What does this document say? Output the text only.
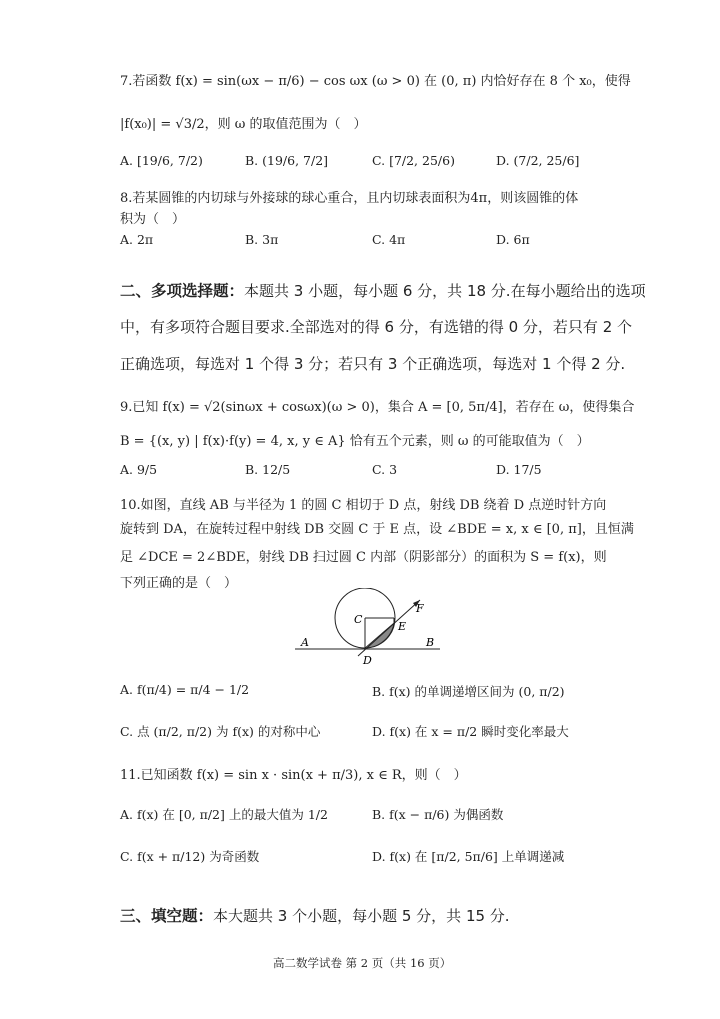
7.若函数 f(x) = sin(ωx − π/6) − cos ωx (ω > 0) 在 (0, π) 内恰好存在 8 个 x₀，使得
|f(x₀)| = √3/2，则 ω 的取值范围为（　）
A. [19/6, 7/2)	B. (19/6, 7/2]	C. [7/2, 25/6)	D. (7/2, 25/6]
8.若某圆锥的内切球与外接球的球心重合，且内切球表面积为4π，则该圆锥的体
积为（　）
A. 2π	B. 3π	C. 4π	D. 6π
二、多项选择题：本题共 3 小题，每小题 6 分，共 18 分.在每小题给出的选项
中，有多项符合题目要求.全部选对的得 6 分，有选错的得 0 分，若只有 2 个
正确选项，每选对 1 个得 3 分；若只有 3 个正确选项，每选对 1 个得 2 分.
9.已知 f(x) = √2(sinωx + cosωx)(ω > 0)，集合 A = [0, 5π/4]，若存在 ω，使得集合
B = {(x, y) | f(x)·f(y) = 4, x, y ∈ A} 恰有五个元素，则 ω 的可能取值为（　）
A. 9/5	B. 12/5	C. 3	D. 17/5
10.如图，直线 AB 与半径为 1 的圆 C 相切于 D 点，射线 DB 绕着 D 点逆时针方向
旋转到 DA，在旋转过程中射线 DB 交圆 C 于 E 点，设 ∠BDE = x, x ∈ [0, π]，且恒满
足 ∠DCE = 2∠BDE，射线 DB 扫过圆 C 内部（阴影部分）的面积为 S = f(x)，则
下列正确的是（　）
A	B
C
D
E
F
A. f(π/4) = π/4 − 1/2	B. f(x) 的单调递增区间为 (0, π/2)
C. 点 (π/2, π/2) 为 f(x) 的对称中心	D. f(x) 在 x = π/2 瞬时变化率最大
11.已知函数 f(x) = sin x · sin(x + π/3), x ∈ R，则（　）
A. f(x) 在 [0, π/2] 上的最大值为 1/2	B. f(x − π/6) 为偶函数
C. f(x + π/12) 为奇函数	D. f(x) 在 [π/2, 5π/6] 上单调递减
三、填空题：本大题共 3 个小题，每小题 5 分，共 15 分.
高二数学试卷 第 2 页（共 16 页）
